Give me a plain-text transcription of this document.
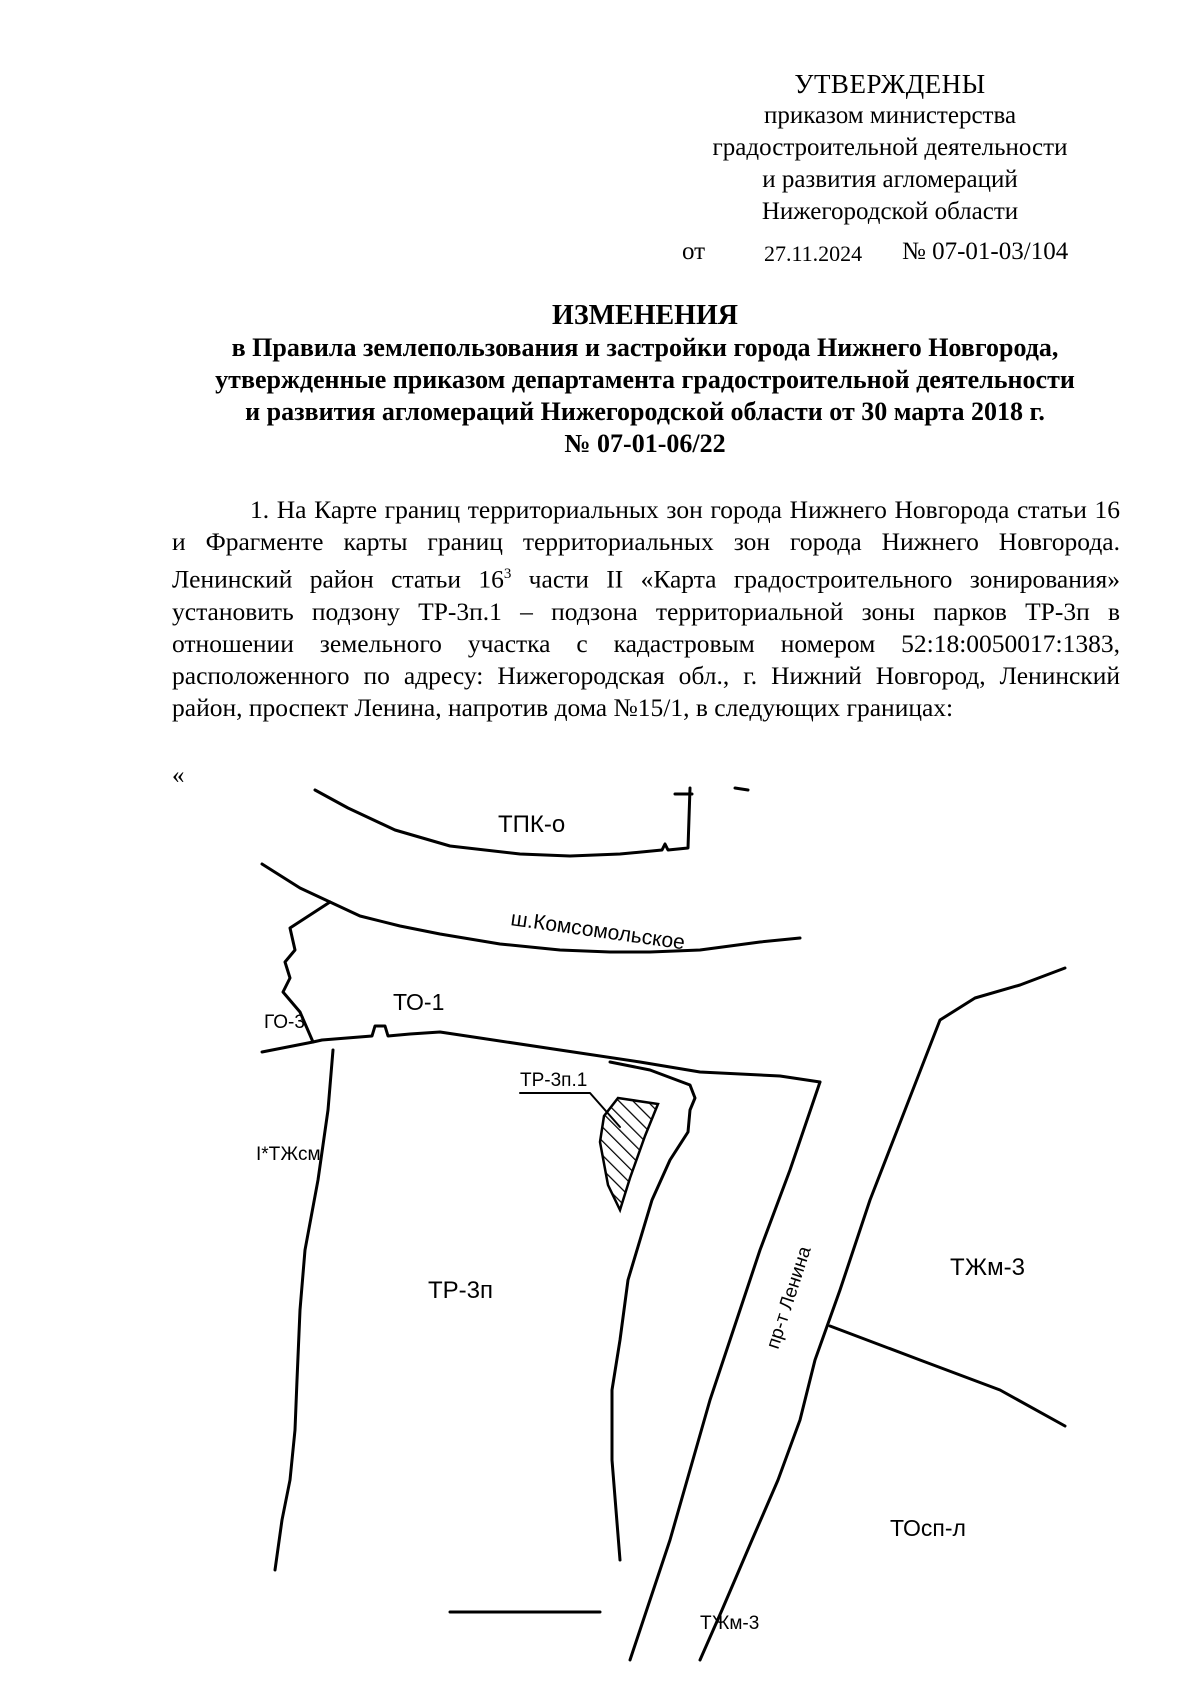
УТВЕРЖДЕНЫ
приказом министерства
градостроительной деятельности
и развития агломераций
Нижегородской области
от	27.11.2024 № 07-01-03/104
ИЗМЕНЕНИЯ
в Правила землепользования и застройки города Нижнего Новгорода,
утвержденные приказом департамента градостроительной деятельности
и развития агломераций Нижегородской области от 30 марта 2018 г.
№ 07-01-06/22

1. На Карте границ территориальных зон города Нижнего Новгорода статьи 16 и Фрагменте карты границ территориальных зон города Нижнего Новгорода. Ленинский район статьи $16^3$ части II «Карта градостроительного зонирования» установить подзону ТР-3п.1 – подзона территориальной зоны парков ТР-3п в отношении земельного участка с кадастровым номером 52:18:0050017:1383, расположенного по адресу: Нижегородская обл., г. Нижний Новгород, Ленинский район, проспект Ленина, напротив дома №15/1, в следующих границах:

«
ТПК-о
ш.Комсомольское
ТО-1
ГО-3
ТР-3п.1
I*ТЖсм
ТР-3п
ТЖм-3
пр-т Ленина
ТОсп-л
ТЖм-3
